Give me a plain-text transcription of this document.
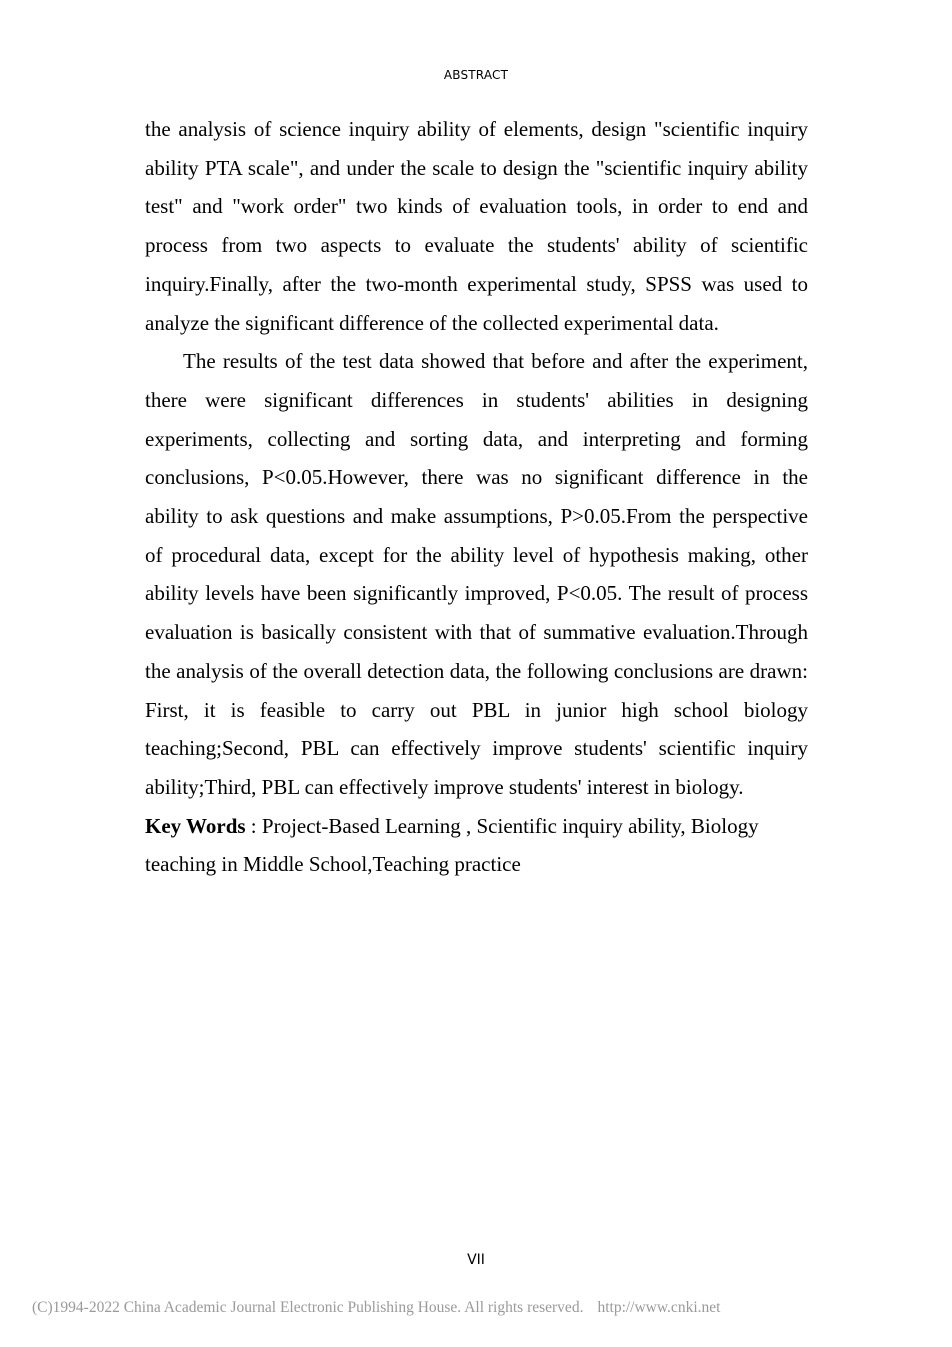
ABSTRACT

the analysis of science inquiry ability of elements, design "scientific inquiry ability PTA scale", and under the scale to design the "scientific inquiry ability test" and "work order" two kinds of evaluation tools, in order to end and process from two aspects to evaluate the students' ability of scientific inquiry.Finally, after the two-month experimental study, SPSS was used to analyze the significant difference of the collected experimental data.

The results of the test data showed that before and after the experiment, there were significant differences in students' abilities in designing experiments, collecting and sorting data, and interpreting and forming conclusions, P<0.05.However, there was no significant difference in the ability to ask questions and make assumptions, P>0.05.From the perspective of procedural data, except for the ability level of hypothesis making, other ability levels have been significantly improved, P<0.05. The result of process evaluation is basically consistent with that of summative evaluation.Through the analysis of the overall detection data, the following conclusions are drawn: First, it is feasible to carry out PBL in junior high school biology teaching;Second, PBL can effectively improve students' scientific inquiry ability;Third, PBL can effectively improve students' interest in biology.

Key Words : Project-Based Learning , Scientific inquiry ability, Biology teaching in Middle School,Teaching practice

VII
(C)1994-2022 China Academic Journal Electronic Publishing House. All rights reserved. http://www.cnki.net
